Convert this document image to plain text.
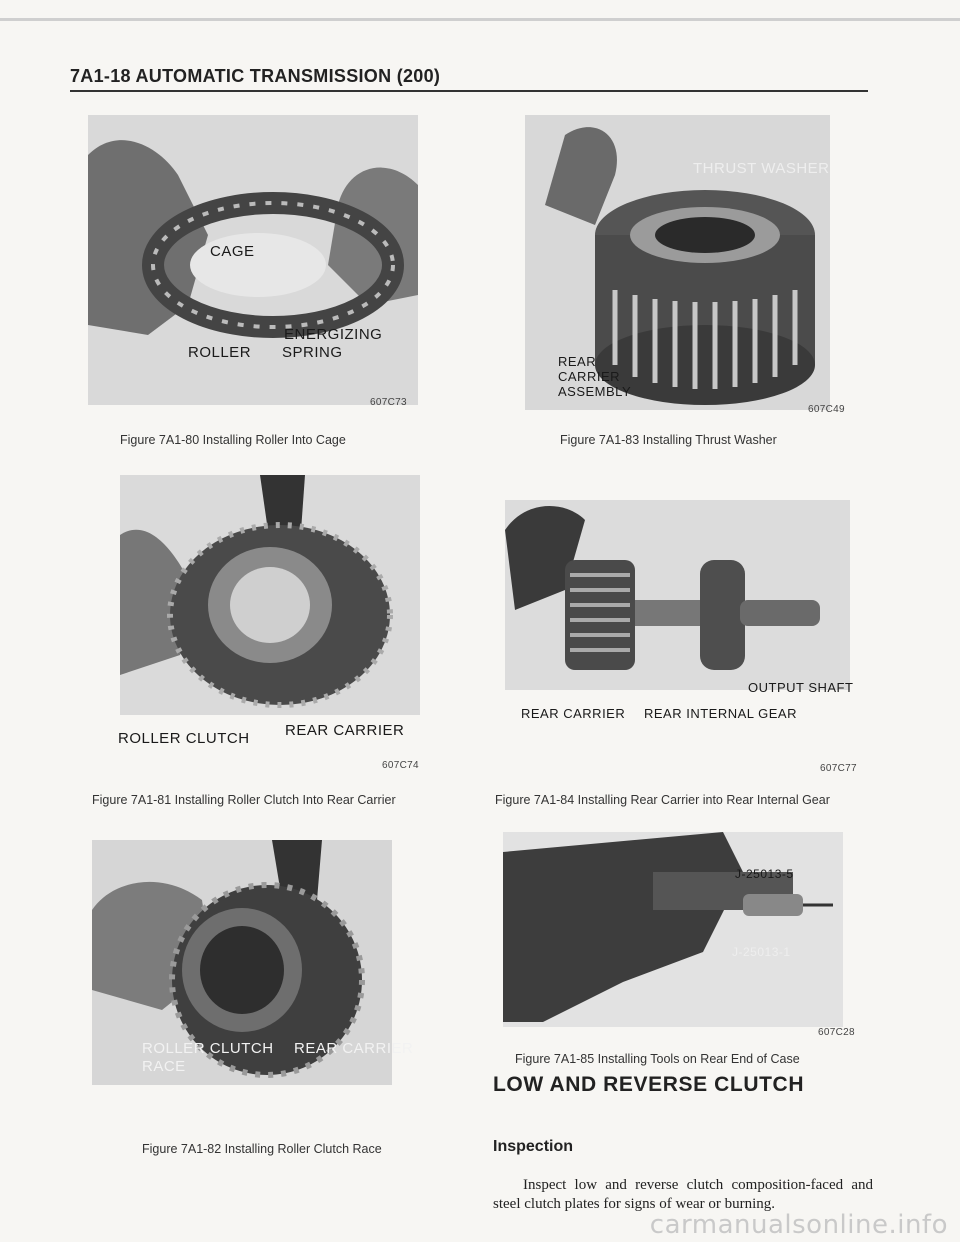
7A1-18 AUTOMATIC TRANSMISSION (200)
CAGE
ENERGIZING
SPRING
ROLLER
607C73
Figure 7A1-80 Installing Roller Into Cage
ROLLER CLUTCH REAR CARRIER
607C74
Figure 7A1-81 Installing Roller Clutch Into Rear Carrier
ROLLER CLUTCH
RACE
REAR CARRIER
Figure 7A1-82 Installing Roller Clutch Race
THRUST WASHER
REAR
CARRIER
ASSEMBLY
607C49
Figure 7A1-83 Installing Thrust Washer
OUTPUT SHAFT
REAR CARRIER REAR INTERNAL GEAR
607C77
Figure 7A1-84 Installing Rear Carrier into Rear Internal Gear
J-25013-5
J-25013-1
607C28
Figure 7A1-85 Installing Tools on Rear End of Case
LOW AND REVERSE CLUTCH
Inspection
Inspect low and reverse clutch composition-faced and steel clutch plates for signs of wear or burning.
carmanualsonline.info
